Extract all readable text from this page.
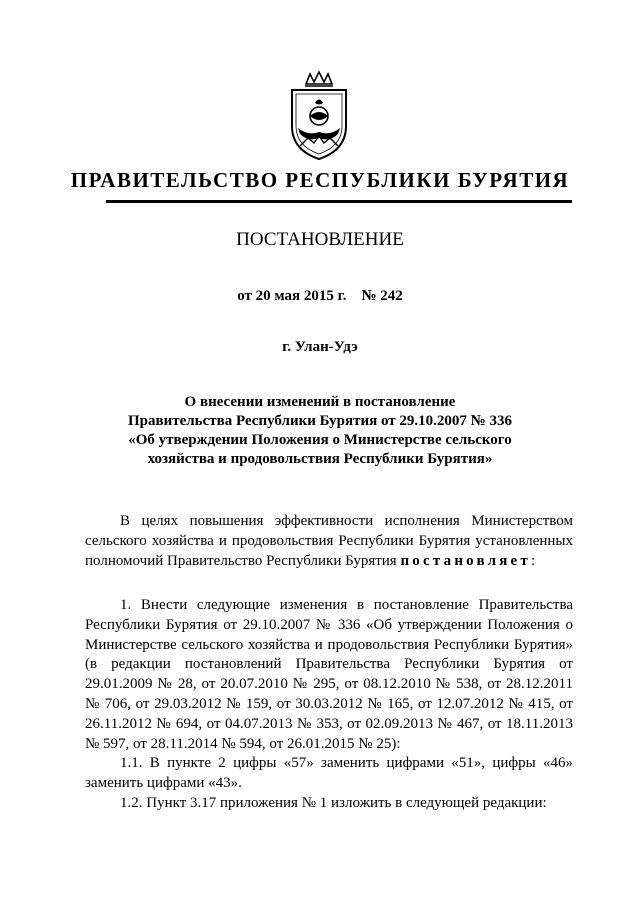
ПРАВИТЕЛЬСТВО РЕСПУБЛИКИ БУРЯТИЯ
ПОСТАНОВЛЕНИЕ
от 20 мая 2015 г.    № 242
г. Улан-Удэ
О внесении изменений в постановление
Правительства Республики Бурятия от 29.10.2007 № 336
«Об утверждении Положения о Министерстве сельского
хозяйства и продовольствия Республики Бурятия»

В целях повышения эффективности исполнения Министерством сельского хозяйства и продовольствия Республики Бурятия установленных полномочий Правительство Республики Бурятия постановляет:

1. Внести следующие изменения в постановление Правительства Республики Бурятия от 29.10.2007 № 336 «Об утверждении Положения о Министерстве сельского хозяйства и продовольствия Республики Бурятия» (в редакции постановлений Правительства Республики Бурятия от 29.01.2009 № 28, от 20.07.2010 № 295, от 08.12.2010 № 538, от 28.12.2011 № 706, от 29.03.2012 № 159, от 30.03.2012 № 165, от 12.07.2012 № 415, от 26.11.2012 № 694, от 04.07.2013 № 353, от 02.09.2013 № 467, от 18.11.2013 № 597, от 28.11.2014 № 594, от 26.01.2015 № 25):

1.1. В пункте 2 цифры «57» заменить цифрами «51», цифры «46» заменить цифрами «43».

1.2. Пункт 3.17 приложения № 1 изложить в следующей редакции:
